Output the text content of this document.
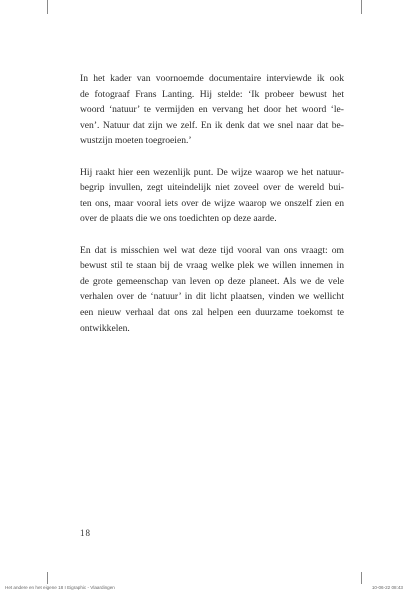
In het kader van voornoemde documentaire interviewde ik ook
de fotograaf Frans Lanting. Hij stelde: ‘Ik probeer bewust het
woord ‘natuur’ te vermijden en vervang het door het woord ‘le-
ven’. Natuur dat zijn we zelf. En ik denk dat we snel naar dat be-
wustzijn moeten toegroeien.’

Hij raakt hier een wezenlijk punt. De wijze waarop we het natuur-
begrip invullen, zegt uiteindelijk niet zoveel over de wereld bui-
ten ons, maar vooral iets over de wijze waarop we onszelf zien en
over de plaats die we ons toedichten op deze aarde.

En dat is misschien wel wat deze tijd vooral van ons vraagt: om
bewust stil te staan bij de vraag welke plek we willen innemen in
de grote gemeenschap van leven op deze planeet. Als we de vele
verhalen over de ‘natuur’ in dit licht plaatsen, vinden we wellicht
een nieuw verhaal dat ons zal helpen een duurzame toekomst te
ontwikkelen.

18
Het andere en het eigene 18 I Eigraphic - Vlaardingen	10-06-22 08:43
